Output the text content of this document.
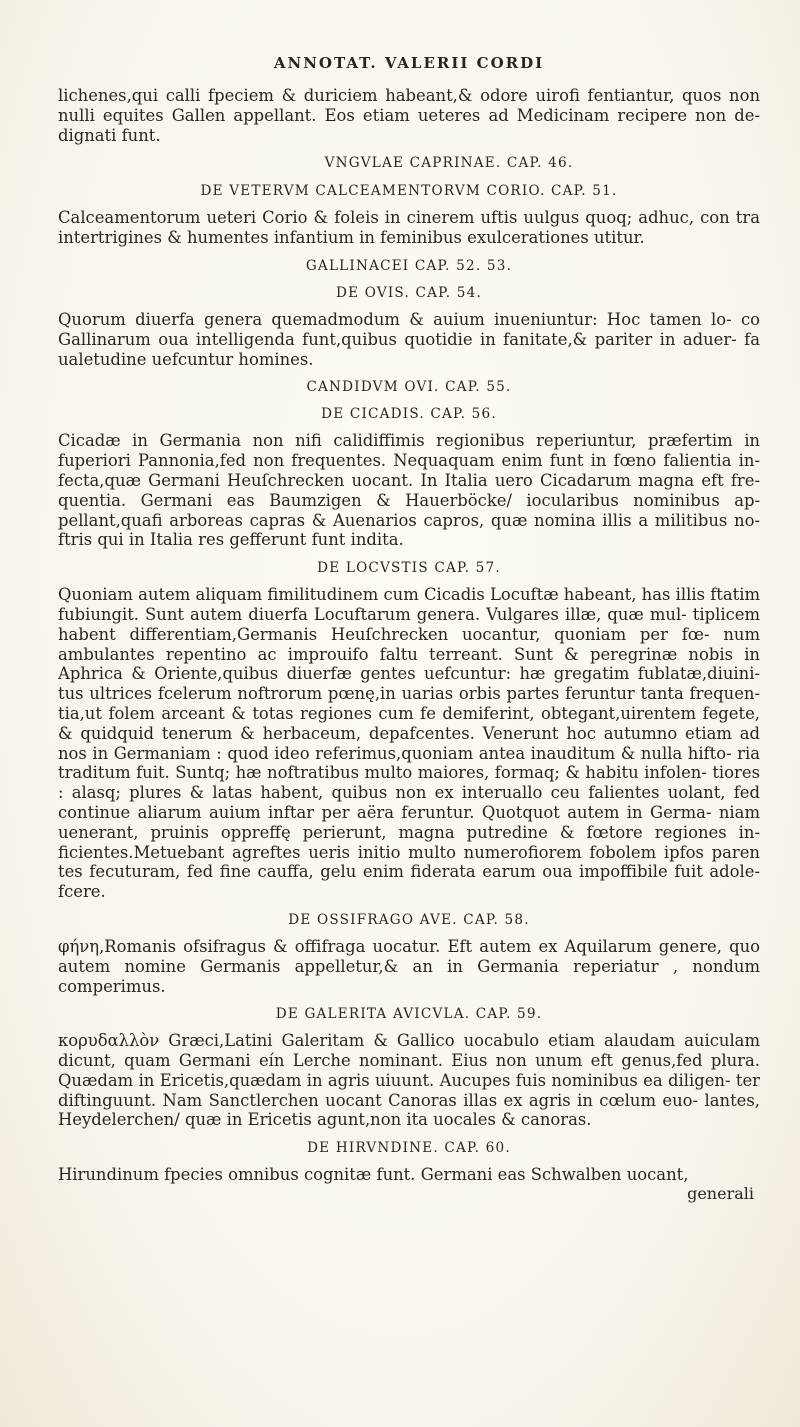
ANNOTAT. VALERII CORDI

lichenes,qui calli fpeciem & duriciem habeant,& odore uirofi fentiantur, quos non nulli equites Gallen appellant. Eos etiam ueteres ad Medicinam recipere non de- dignati funt.

VNGVLAE CAPRINAE. CAP. 46.
DE VETERVM CALCEAMENTORVM CORIO. CAP. 51.

Calceamentorum ueteri Corio & foleis in cinerem uftis uulgus quoq; adhuc, con tra intertrigines & humentes infantium in feminibus exulcerationes utitur.

GALLINACEI CAP. 52. 53.
DE OVIS. CAP. 54.

Quorum diuerfa genera quemadmodum & auium inueniuntur: Hoc tamen lo- co Gallinarum oua intelligenda funt,quibus quotidie in fanitate,& pariter in aduer- fa ualetudine uefcuntur homines.

CANDIDVM OVI. CAP. 55.
DE CICADIS. CAP. 56.

Cicadæ in Germania non nifi calidiffimis regionibus reperiuntur, præfertim in fuperiori Pannonia,fed non frequentes. Nequaquam enim funt in fœno falientia in- fecta,quæ Germani Heuſchrecken uocant. In Italia uero Cicadarum magna eft fre- quentia. Germani eas Baumzigen & Hauerböcke/ iocularibus nominibus ap- pellant,quafi arboreas capras & Auenarios capros, quæ nomina illis a militibus no- ftris qui in Italia res gefferunt funt indita.

DE LOCVSTIS CAP. 57.

Quoniam autem aliquam fimilitudinem cum Cicadis Locuftæ habeant, has illis ftatim fubiungit. Sunt autem diuerfa Locuftarum genera. Vulgares illæ, quæ mul- tiplicem habent differentiam,Germanis Heuſchrecken uocantur, quoniam per fœ- num ambulantes repentino ac improuifo faltu terreant. Sunt & peregrinæ nobis in Aphrica & Oriente,quibus diuerfæ gentes uefcuntur: hæ gregatim fublatæ,diuini- tus ultrices fcelerum noftrorum pœnę,in uarias orbis partes feruntur tanta frequen- tia,ut folem arceant & totas regiones cum fe demiferint, obtegant,uirentem fegete, & quidquid tenerum & herbaceum, depafcentes. Venerunt hoc autumno etiam ad nos in Germaniam : quod ideo referimus,quoniam antea inauditum & nulla hifto- ria traditum fuit. Suntq; hæ noftratibus multo maiores, formaq; & habitu infolen- tiores : alasq; plures & latas habent, quibus non ex interuallo ceu falientes uolant, fed continue aliarum auium inftar per aëra feruntur. Quotquot autem in Germa- niam uenerant, pruinis oppreffę perierunt, magna putredine & fœtore regiones in- ficientes.Metuebant agreftes ueris initio multo numerofiorem fobolem ipfos paren tes fecuturam, fed fine cauffa, gelu enim fiderata earum oua impoffibile fuit adole- fcere.

DE OSSIFRAGO AVE. CAP. 58.

φήνη,Romanis ofsifragus & offifraga uocatur. Eft autem ex Aquilarum genere, quo autem nomine Germanis appelletur,& an in Germania reperiatur , nondum comperimus.

DE GALERITA AVICVLA. CAP. 59.

κορυδαλλὸν Græci,Latini Galeritam & Gallico uocabulo etiam alaudam auiculam dicunt, quam Germani eín Lerche nominant. Eius non unum eft genus,fed plura. Quædam in Ericetis,quædam in agris uiuunt. Aucupes fuis nominibus ea diligen- ter diftinguunt. Nam Sanctlerchen uocant Canoras illas ex agris in cœlum euo- lantes, Heydelerchen/ quæ in Ericetis agunt,non ita uocales & canoras.

DE HIRVNDINE. CAP. 60.

Hirundinum fpecies omnibus cognitæ funt. Germani eas Schwalben uocant,

generali
